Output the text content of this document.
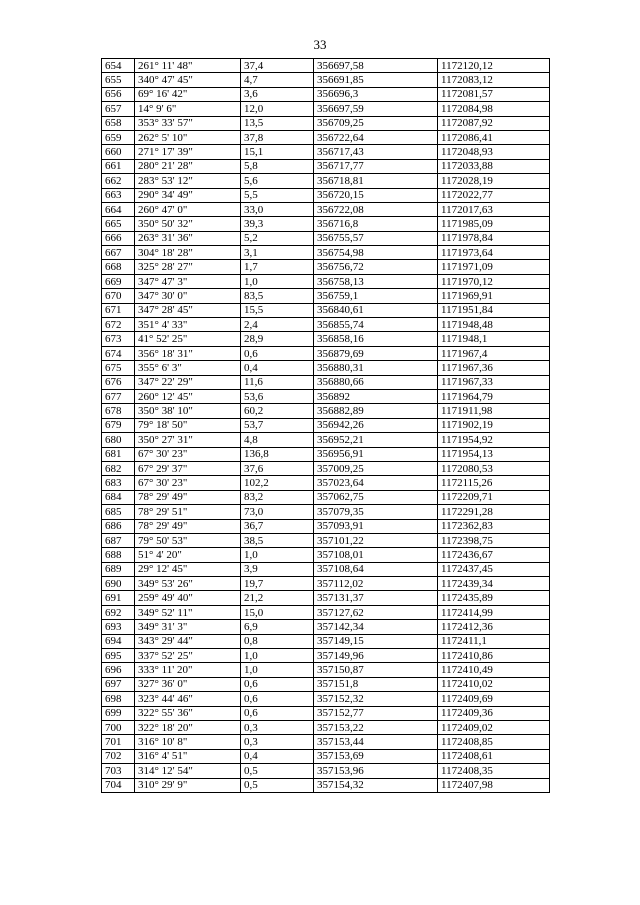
33
654	261° 11' 48"	37,4	356697,58	1172120,12
655	340° 47' 45"	4,7	356691,85	1172083,12
656	69° 16' 42"	3,6	356696,3	1172081,57
657	14° 9' 6"	12,0	356697,59	1172084,98
658	353° 33' 57"	13,5	356709,25	1172087,92
659	262° 5' 10"	37,8	356722,64	1172086,41
660	271° 17' 39"	15,1	356717,43	1172048,93
661	280° 21' 28"	5,8	356717,77	1172033,88
662	283° 53' 12"	5,6	356718,81	1172028,19
663	290° 34' 49"	5,5	356720,15	1172022,77
664	260° 47' 0"	33,0	356722,08	1172017,63
665	350° 50' 32"	39,3	356716,8	1171985,09
666	263° 31' 36"	5,2	356755,57	1171978,84
667	304° 18' 28"	3,1	356754,98	1171973,64
668	325° 28' 27"	1,7	356756,72	1171971,09
669	347° 47' 3"	1,0	356758,13	1171970,12
670	347° 30' 0"	83,5	356759,1	1171969,91
671	347° 28' 45"	15,5	356840,61	1171951,84
672	351° 4' 33"	2,4	356855,74	1171948,48
673	41° 52' 25"	28,9	356858,16	1171948,1
674	356° 18' 31"	0,6	356879,69	1171967,4
675	355° 6' 3"	0,4	356880,31	1171967,36
676	347° 22' 29"	11,6	356880,66	1171967,33
677	260° 12' 45"	53,6	356892	1171964,79
678	350° 38' 10"	60,2	356882,89	1171911,98
679	79° 18' 50"	53,7	356942,26	1171902,19
680	350° 27' 31"	4,8	356952,21	1171954,92
681	67° 30' 23"	136,8	356956,91	1171954,13
682	67° 29' 37"	37,6	357009,25	1172080,53
683	67° 30' 23"	102,2	357023,64	1172115,26
684	78° 29' 49"	83,2	357062,75	1172209,71
685	78° 29' 51"	73,0	357079,35	1172291,28
686	78° 29' 49"	36,7	357093,91	1172362,83
687	79° 50' 53"	38,5	357101,22	1172398,75
688	51° 4' 20"	1,0	357108,01	1172436,67
689	29° 12' 45"	3,9	357108,64	1172437,45
690	349° 53' 26"	19,7	357112,02	1172439,34
691	259° 49' 40"	21,2	357131,37	1172435,89
692	349° 52' 11"	15,0	357127,62	1172414,99
693	349° 31' 3"	6,9	357142,34	1172412,36
694	343° 29' 44"	0,8	357149,15	1172411,1
695	337° 52' 25"	1,0	357149,96	1172410,86
696	333° 11' 20"	1,0	357150,87	1172410,49
697	327° 36' 0"	0,6	357151,8	1172410,02
698	323° 44' 46"	0,6	357152,32	1172409,69
699	322° 55' 36"	0,6	357152,77	1172409,36
700	322° 18' 20"	0,3	357153,22	1172409,02
701	316° 10' 8"	0,3	357153,44	1172408,85
702	316° 4' 51"	0,4	357153,69	1172408,61
703	314° 12' 54"	0,5	357153,96	1172408,35
704	310° 29' 9"	0,5	357154,32	1172407,98
